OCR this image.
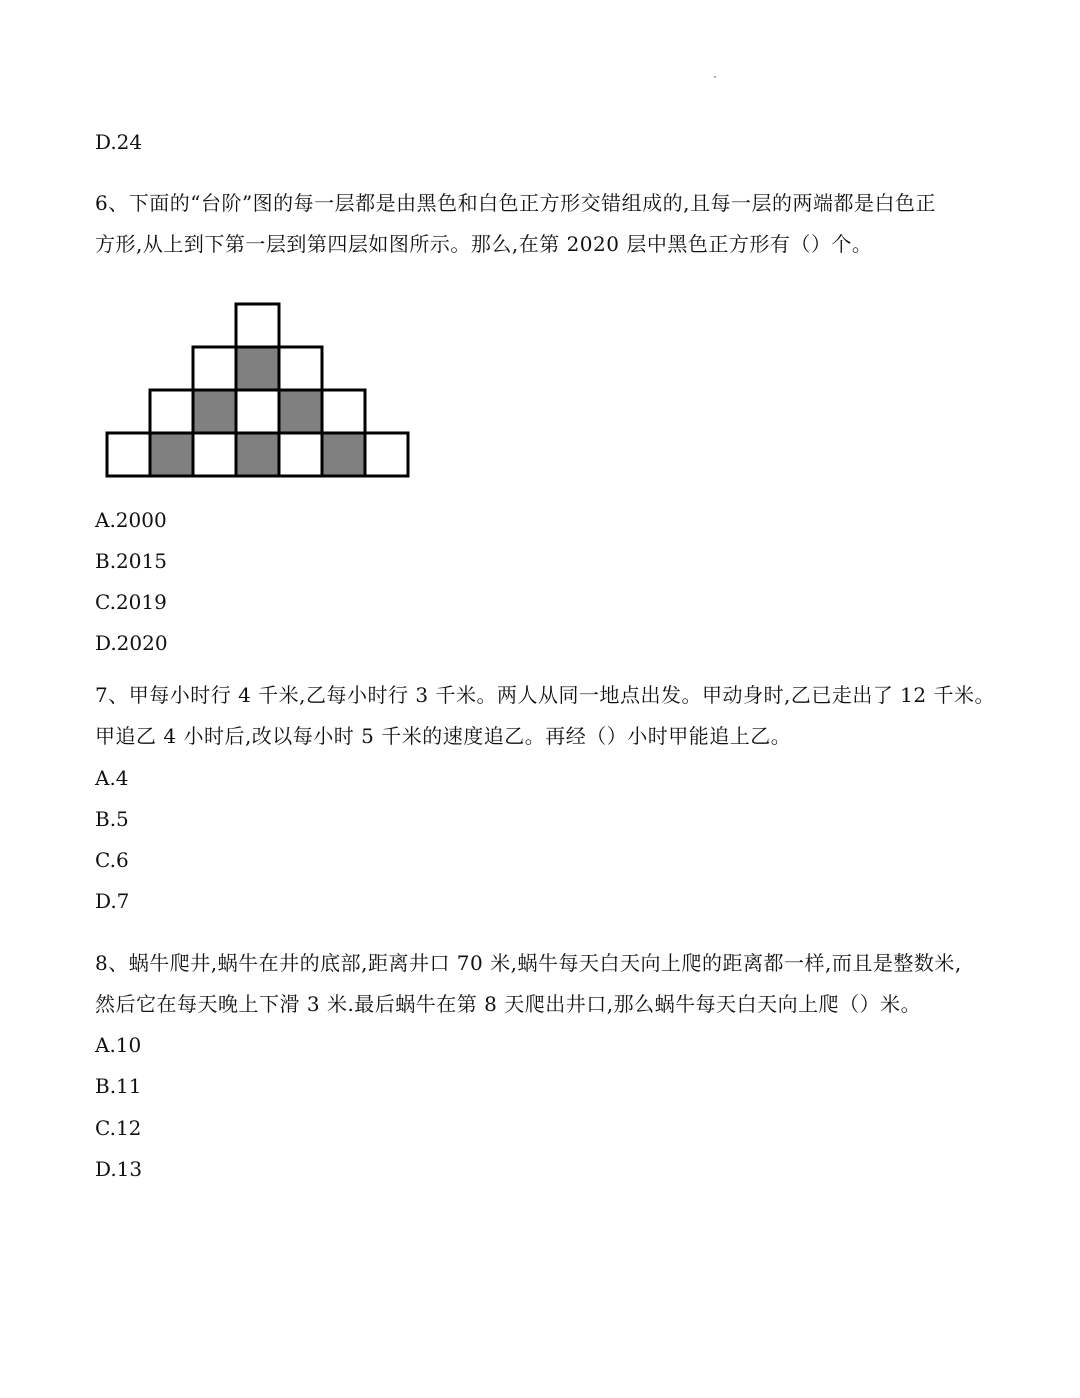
D.24

6、下面的“台阶”图的每一层都是由黑色和白色正方形交错组成的,且每一层的两端都是白色正

方形,从上到下第一层到第四层如图所示。那么,在第 2020 层中黑色正方形有（）个。

A.2000

B.2015

C.2019

D.2020

7、甲每小时行 4 千米,乙每小时行 3 千米。两人从同一地点出发。甲动身时,乙已走出了 12 千米。

甲追乙 4 小时后,改以每小时 5 千米的速度追乙。再经（）小时甲能追上乙。

A.4

B.5

C.6

D.7

8、蜗牛爬井,蜗牛在井的底部,距离井口 70 米,蜗牛每天白天向上爬的距离都一样,而且是整数米,

然后它在每天晚上下滑 3 米.最后蜗牛在第 8 天爬出井口,那么蜗牛每天白天向上爬（）米。

A.10

B.11

C.12

D.13
